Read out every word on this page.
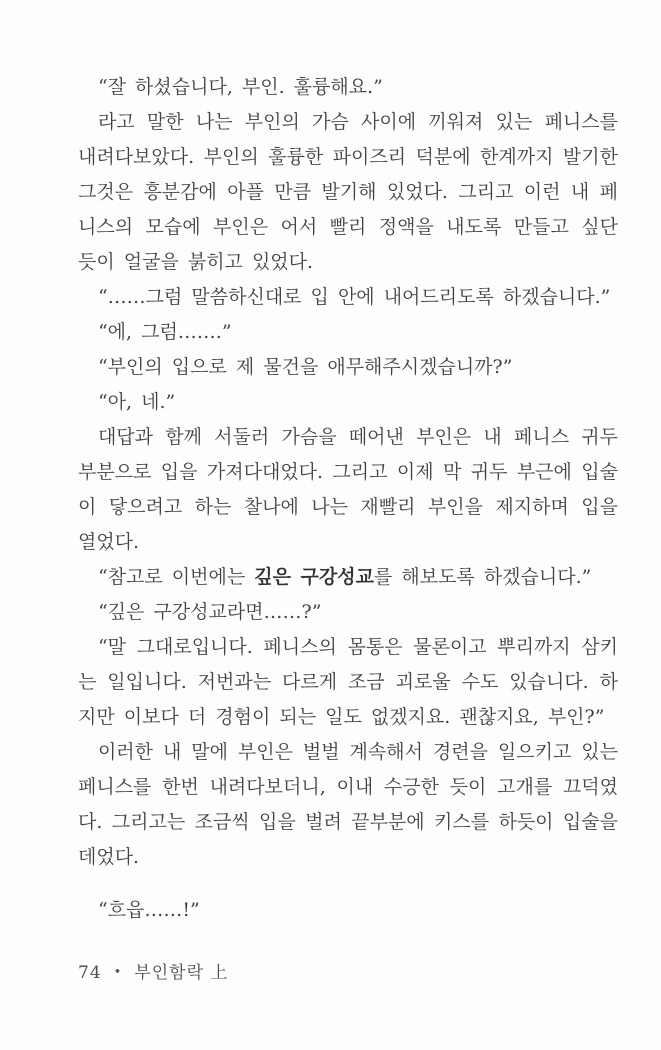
“잘 하셨습니다, 부인. 훌륭해요.”

라고 말한 나는 부인의 가슴 사이에 끼워져 있는 페니스를 내려다보았다. 부인의 훌륭한 파이즈리 덕분에 한계까지 발기한 그것은 흥분감에 아플 만큼 발기해 있었다. 그리고 이런 내 페니스의 모습에 부인은 어서 빨리 정액을 내도록 만들고 싶단 듯이 얼굴을 붉히고 있었다.

“……그럼 말씀하신대로 입 안에 내어드리도록 하겠습니다.”

“에, 그럼…….”

“부인의 입으로 제 물건을 애무해주시겠습니까?”

“아, 네.”

대답과 함께 서둘러 가슴을 떼어낸 부인은 내 페니스 귀두 부분으로 입을 가져다대었다. 그리고 이제 막 귀두 부근에 입술이 닿으려고 하는 찰나에 나는 재빨리 부인을 제지하며 입을 열었다.

“참고로 이번에는 깊은 구강성교를 해보도록 하겠습니다.”

“깊은 구강성교라면……?”

“말 그대로입니다. 페니스의 몸통은 물론이고 뿌리까지 삼키는 일입니다. 저번과는 다르게 조금 괴로울 수도 있습니다. 하지만 이보다 더 경험이 되는 일도 없겠지요. 괜찮지요, 부인?”

이러한 내 말에 부인은 벌벌 계속해서 경련을 일으키고 있는 페니스를 한번 내려다보더니, 이내 수긍한 듯이 고개를 끄덕였다. 그리고는 조금씩 입을 벌려 끝부분에 키스를 하듯이 입술을 데었다.

“흐읍……!”

74 • 부인함락 上
